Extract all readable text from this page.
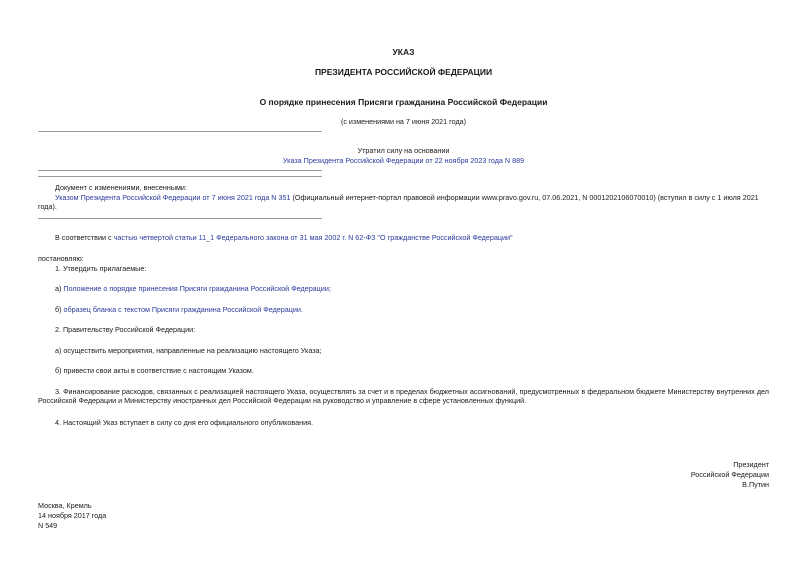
УКАЗ
ПРЕЗИДЕНТА РОССИЙСКОЙ ФЕДЕРАЦИИ
О порядке принесения Присяги гражданина Российской Федерации
(с изменениями на 7 июня 2021 года)
Утратил силу на основании
Указа Президента Российской Федерации от 22 ноября 2023 года N 889
Документ с изменениями, внесенными:
Указом Президента Российской Федерации от 7 июня 2021 года N 351 (Официальный интернет-портал правовой информации www.pravo.gov.ru, 07.06.2021, N 0001202106070010) (вступил в силу с 1 июля 2021 года).
В соответствии с частью четвертой статьи 11_1 Федерального закона от 31 мая 2002 г. N 62-ФЗ "О гражданстве Российской Федерации"
постановляю:
1. Утвердить прилагаемые:
а) Положение о порядке принесения Присяги гражданина Российской Федерации;
б) образец бланка с текстом Присяги гражданина Российской Федерации.
2. Правительству Российской Федерации:
а) осуществить мероприятия, направленные на реализацию настоящего Указа;
б) привести свои акты в соответствие с настоящим Указом.
3. Финансирование расходов, связанных с реализацией настоящего Указа, осуществлять за счет и в пределах бюджетных ассигнований, предусмотренных в федеральном бюджете Министерству внутренних дел Российской Федерации и Министерству иностранных дел Российской Федерации на руководство и управление в сфере установленных функций.
4. Настоящий Указ вступает в силу со дня его официального опубликования.
Президент
Российской Федерации
В.Путин
Москва, Кремль
14 ноября 2017 года
N 549
